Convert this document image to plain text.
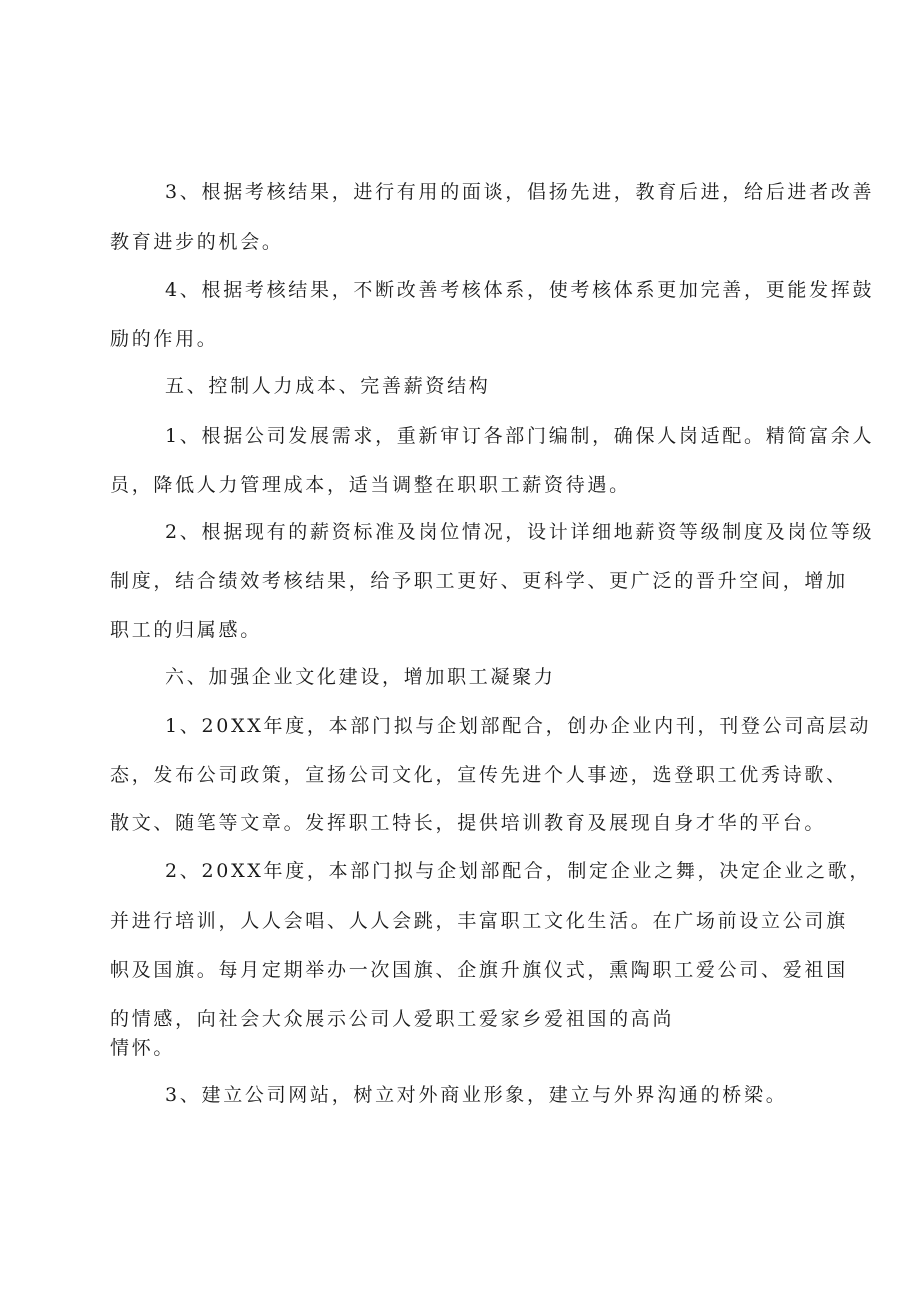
3、根据考核结果，进行有用的面谈，倡扬先进，教育后进，给后进者改善

教育进步的机会。

4、根据考核结果，不断改善考核体系，使考核体系更加完善，更能发挥鼓

励的作用。

五、控制人力成本、完善薪资结构

1、根据公司发展需求，重新审订各部门编制，确保人岗适配。精简富余人

员，降低人力管理成本，适当调整在职职工薪资待遇。

2、根据现有的薪资标准及岗位情况，设计详细地薪资等级制度及岗位等级

制度，结合绩效考核结果，给予职工更好、更科学、更广泛的晋升空间，增加

职工的归属感。

六、加强企业文化建设，增加职工凝聚力

1、20XX年度，本部门拟与企划部配合，创办企业内刊，刊登公司高层动

态，发布公司政策，宣扬公司文化，宣传先进个人事迹，选登职工优秀诗歌、

散文、随笔等文章。发挥职工特长，提供培训教育及展现自身才华的平台。

2、20XX年度，本部门拟与企划部配合，制定企业之舞，决定企业之歌，

并进行培训，人人会唱、人人会跳，丰富职工文化生活。在广场前设立公司旗

帜及国旗。每月定期举办一次国旗、企旗升旗仪式，熏陶职工爱公司、爱祖国

的情感，向社会大众展示公司人爱职工爱家乡爱祖国的高尚

情怀。

3、建立公司网站，树立对外商业形象，建立与外界沟通的桥梁。
